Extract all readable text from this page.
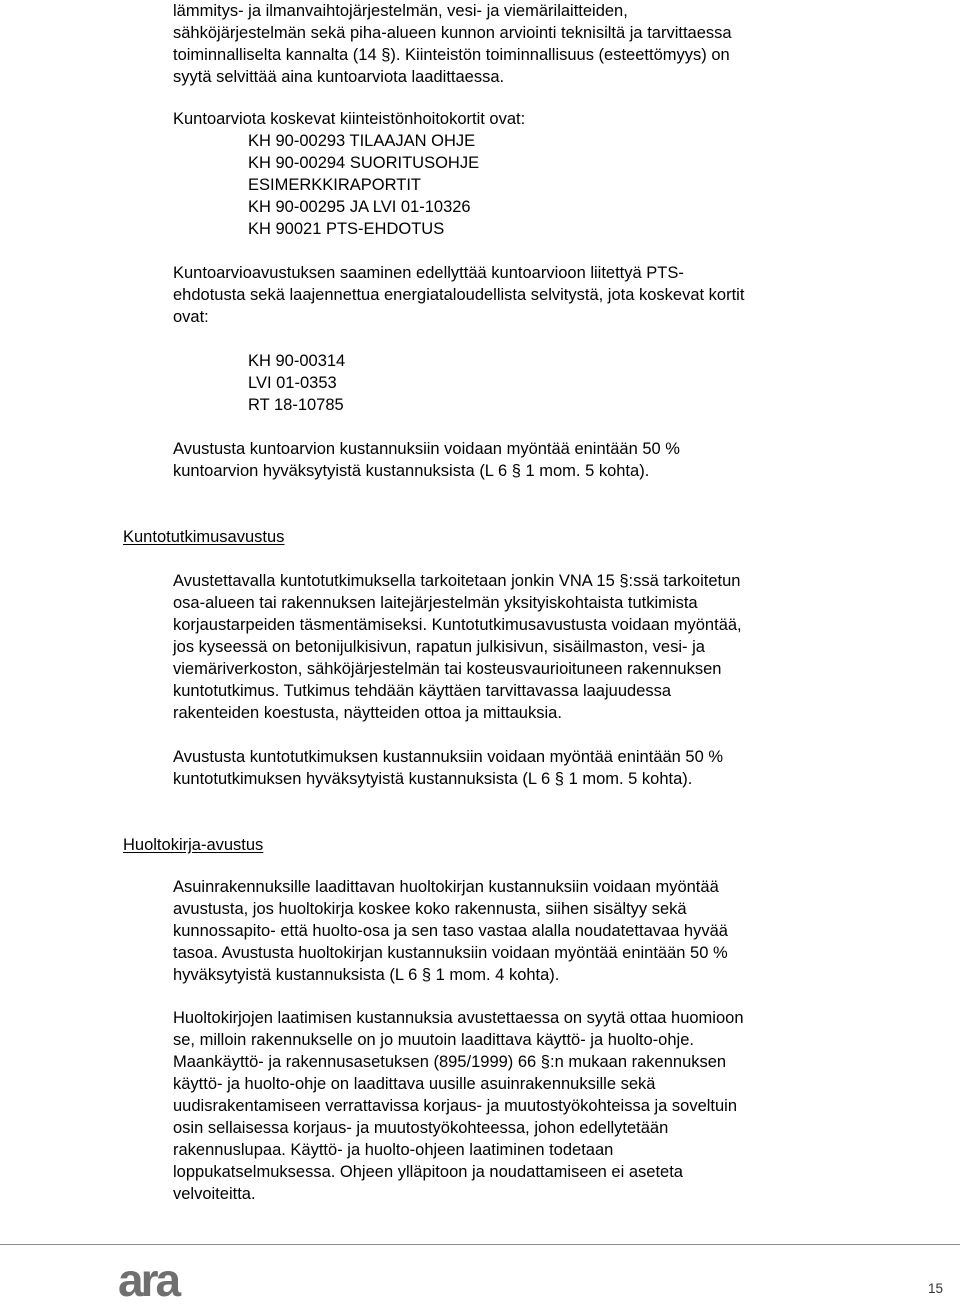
lämmitys- ja ilmanvaihtojärjestelmän, vesi- ja viemärilaitteiden,
sähköjärjestelmän sekä piha-alueen kunnon arviointi teknisiltä ja tarvittaessa
toiminnalliselta kannalta (14 §). Kiinteistön toiminnallisuus (esteettömyys) on
syytä selvittää aina kuntoarviota laadittaessa.
Kuntoarviota koskevat kiinteistönhoitokortit ovat:
KH 90-00293 TILAAJAN OHJE
KH 90-00294 SUORITUSOHJE
ESIMERKKIRAPORTIT
KH 90-00295 JA LVI 01-10326
KH 90021 PTS-EHDOTUS
Kuntoarvioavustuksen saaminen edellyttää kuntoarvioon liitettyä PTS-
ehdotusta sekä laajennettua energiataloudellista selvitystä, jota koskevat kortit
ovat:
KH 90-00314
LVI 01-0353
RT 18-10785
Avustusta kuntoarvion kustannuksiin voidaan myöntää enintään 50 %
kuntoarvion hyväksytyistä kustannuksista (L 6 § 1 mom. 5 kohta).
Kuntotutkimusavustus
Avustettavalla kuntotutkimuksella tarkoitetaan jonkin VNA 15 §:ssä tarkoitetun
osa-alueen tai rakennuksen laitejärjestelmän yksityiskohtaista tutkimista
korjaustarpeiden täsmentämiseksi. Kuntotutkimusavustusta voidaan myöntää,
jos kyseessä on betonijulkisivun, rapatun julkisivun, sisäilmaston, vesi- ja
viemäriverkoston, sähköjärjestelmän tai kosteusvaurioituneen rakennuksen
kuntotutkimus. Tutkimus tehdään käyttäen tarvittavassa laajuudessa
rakenteiden koestusta, näytteiden ottoa ja mittauksia.
Avustusta kuntotutkimuksen kustannuksiin voidaan myöntää enintään 50 %
kuntotutkimuksen hyväksytyistä kustannuksista (L 6 § 1 mom. 5 kohta).
Huoltokirja-avustus
Asuinrakennuksille laadittavan huoltokirjan kustannuksiin voidaan myöntää
avustusta, jos huoltokirja koskee koko rakennusta, siihen sisältyy sekä
kunnossapito- että huolto-osa ja sen taso vastaa alalla noudatettavaa hyvää
tasoa. Avustusta huoltokirjan kustannuksiin voidaan myöntää enintään 50 %
hyväksytyistä kustannuksista (L 6 § 1 mom. 4 kohta).
Huoltokirjojen laatimisen kustannuksia avustettaessa on syytä ottaa huomioon
se, milloin rakennukselle on jo muutoin laadittava käyttö- ja huolto-ohje.
Maankäyttö- ja rakennusasetuksen (895/1999) 66 §:n mukaan rakennuksen
käyttö- ja huolto-ohje on laadittava uusille asuinrakennuksille sekä
uudisrakentamiseen verrattavissa korjaus- ja muutostyökohteissa ja soveltuin
osin sellaisessa korjaus- ja muutostyökohteessa, johon edellytetään
rakennuslupaa. Käyttö- ja huolto-ohjeen laatiminen todetaan
loppukatselmuksessa. Ohjeen ylläpitoon ja noudattamiseen ei aseteta
velvoiteitta.
ara	15
